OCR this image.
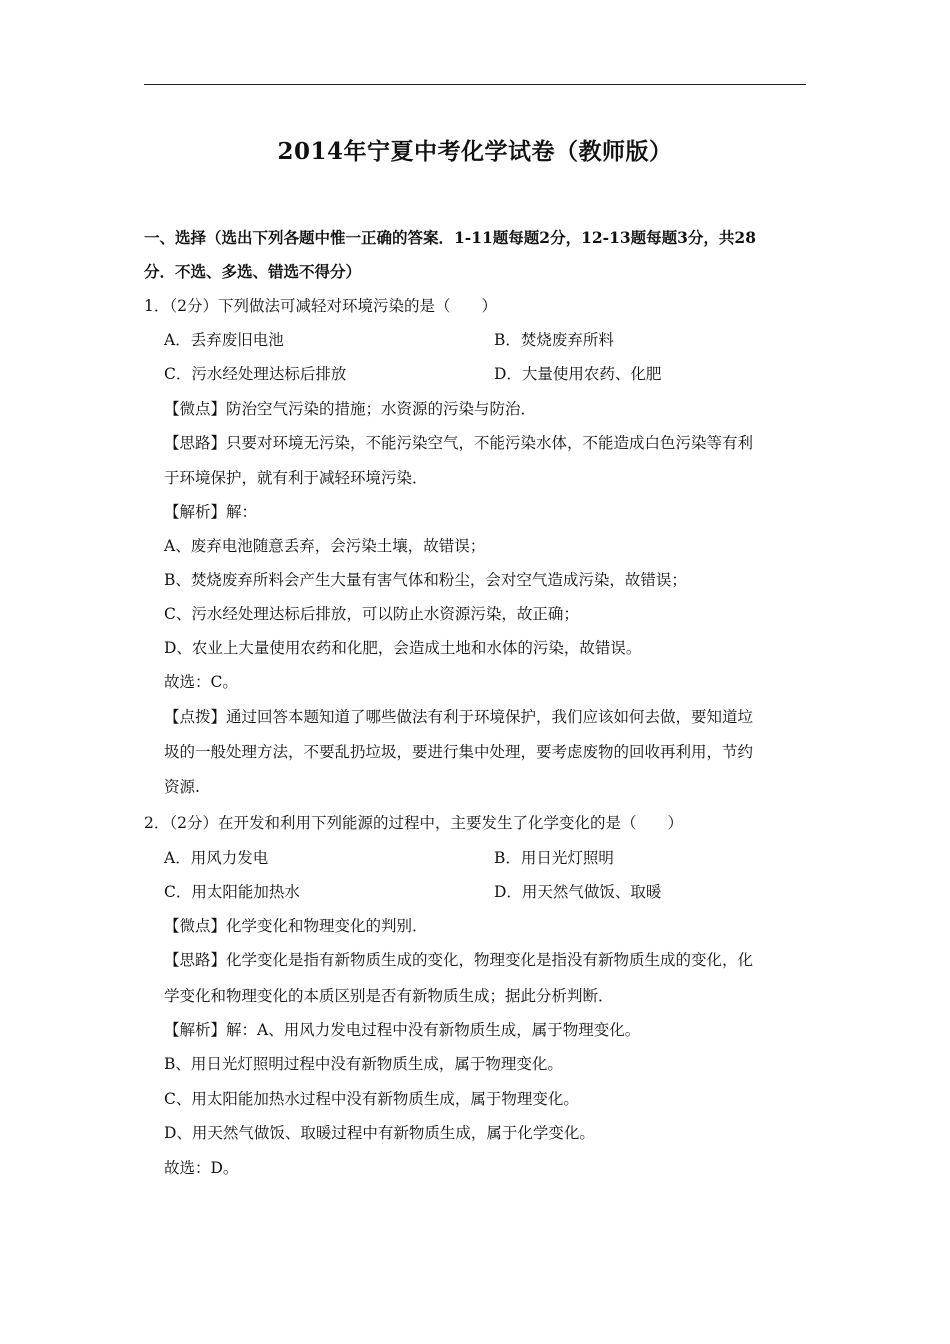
2014年宁夏中考化学试卷（教师版）
一、选择（选出下列各题中惟一正确的答案．1-11题每题2分，12-13题每题3分，共28
分．不选、多选、错选不得分）
1．（2分）下列做法可减轻对环境污染的是（　　）
A．丢弃废旧电池	B．焚烧废弃所料
C．污水经处理达标后排放	D．大量使用农药、化肥
【微点】防治空气污染的措施；水资源的污染与防治．
【思路】只要对环境无污染，不能污染空气，不能污染水体，不能造成白色污染等有利
于环境保护，就有利于减轻环境污染．
【解析】解：
A、废弃电池随意丢弃，会污染土壤，故错误；
B、焚烧废弃所料会产生大量有害气体和粉尘，会对空气造成污染，故错误；
C、污水经处理达标后排放，可以防止水资源污染，故正确；
D、农业上大量使用农药和化肥，会造成土地和水体的污染，故错误。
故选：C。
【点拨】通过回答本题知道了哪些做法有利于环境保护，我们应该如何去做，要知道垃
圾的一般处理方法，不要乱扔垃圾，要进行集中处理，要考虑废物的回收再利用，节约
资源.
2．（2分）在开发和利用下列能源的过程中，主要发生了化学变化的是（　　）
A．用风力发电	B．用日光灯照明
C．用太阳能加热水	D．用天然气做饭、取暖
【微点】化学变化和物理变化的判别．
【思路】化学变化是指有新物质生成的变化，物理变化是指没有新物质生成的变化，化
学变化和物理变化的本质区别是否有新物质生成；据此分析判断．
【解析】解：A、用风力发电过程中没有新物质生成，属于物理变化。
B、用日光灯照明过程中没有新物质生成，属于物理变化。
C、用太阳能加热水过程中没有新物质生成，属于物理变化。
D、用天然气做饭、取暖过程中有新物质生成，属于化学变化。
故选：D。
